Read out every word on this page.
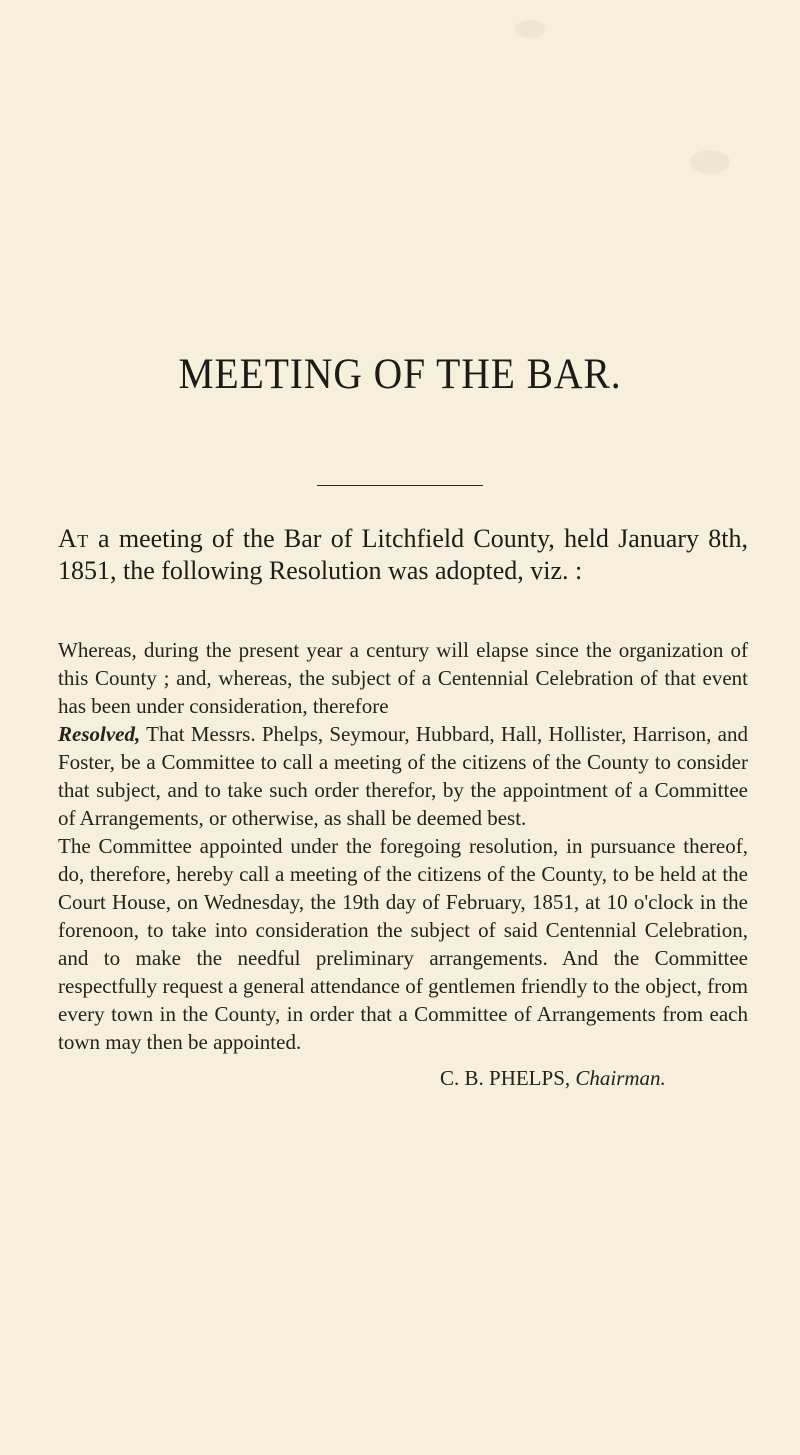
MEETING OF THE BAR.
At a meeting of the Bar of Litchfield County, held January 8th, 1851, the following Resolution was adopted, viz. :

Whereas, during the present year a century will elapse since the organization of this County ; and, whereas, the subject of a Centennial Celebration of that event has been under consideration, therefore

Resolved, That Messrs. Phelps, Seymour, Hubbard, Hall, Hollister, Harrison, and Foster, be a Committee to call a meeting of the citizens of the County to consider that subject, and to take such order therefor, by the appointment of a Committee of Arrangements, or otherwise, as shall be deemed best.

The Committee appointed under the foregoing resolution, in pursuance thereof, do, therefore, hereby call a meeting of the citizens of the County, to be held at the Court House, on Wednesday, the 19th day of February, 1851, at 10 o'clock in the forenoon, to take into consideration the subject of said Centennial Celebration, and to make the needful preliminary arrangements. And the Committee respectfully request a general attendance of gentlemen friendly to the object, from every town in the County, in order that a Committee of Arrangements from each town may then be appointed.

C. B. PHELPS, Chairman.
